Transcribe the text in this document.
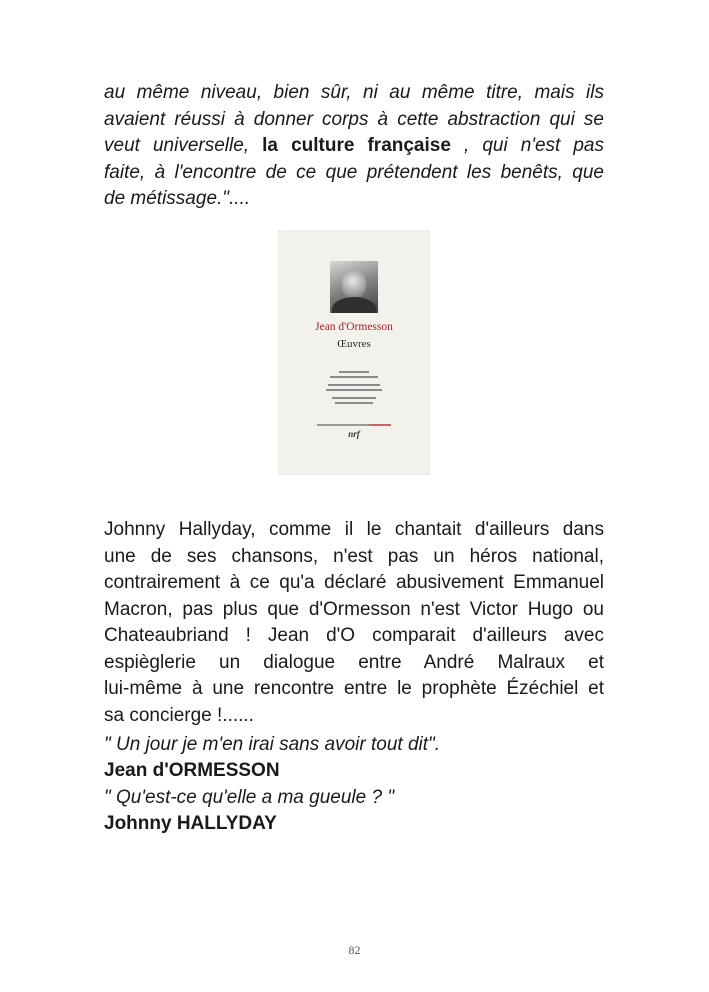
au même niveau, bien sûr, ni au même titre, mais ils
avaient réussi à donner corps à cette abstraction qui se
veut universelle, la culture française , qui n'est pas
faite, à l'encontre de ce que prétendent les benêts, que
de métissage."....
Jean d'Ormesson
Œuvres
nrf
Johnny Hallyday, comme il le chantait d'ailleurs dans
une de ses chansons, n'est pas un héros national,
contrairement à ce qu'a déclaré abusivement Emmanuel
Macron, pas plus que d'Ormesson n'est Victor Hugo ou
Chateaubriand ! Jean d'O comparait d'ailleurs avec
espièglerie un dialogue entre André Malraux et
lui-même à une rencontre entre le prophète Ézéchiel et
sa concierge !......
" Un jour je m'en irai sans avoir tout dit".
Jean d'ORMESSON
" Qu'est-ce qu'elle a ma gueule ? "
Johnny HALLYDAY
82
